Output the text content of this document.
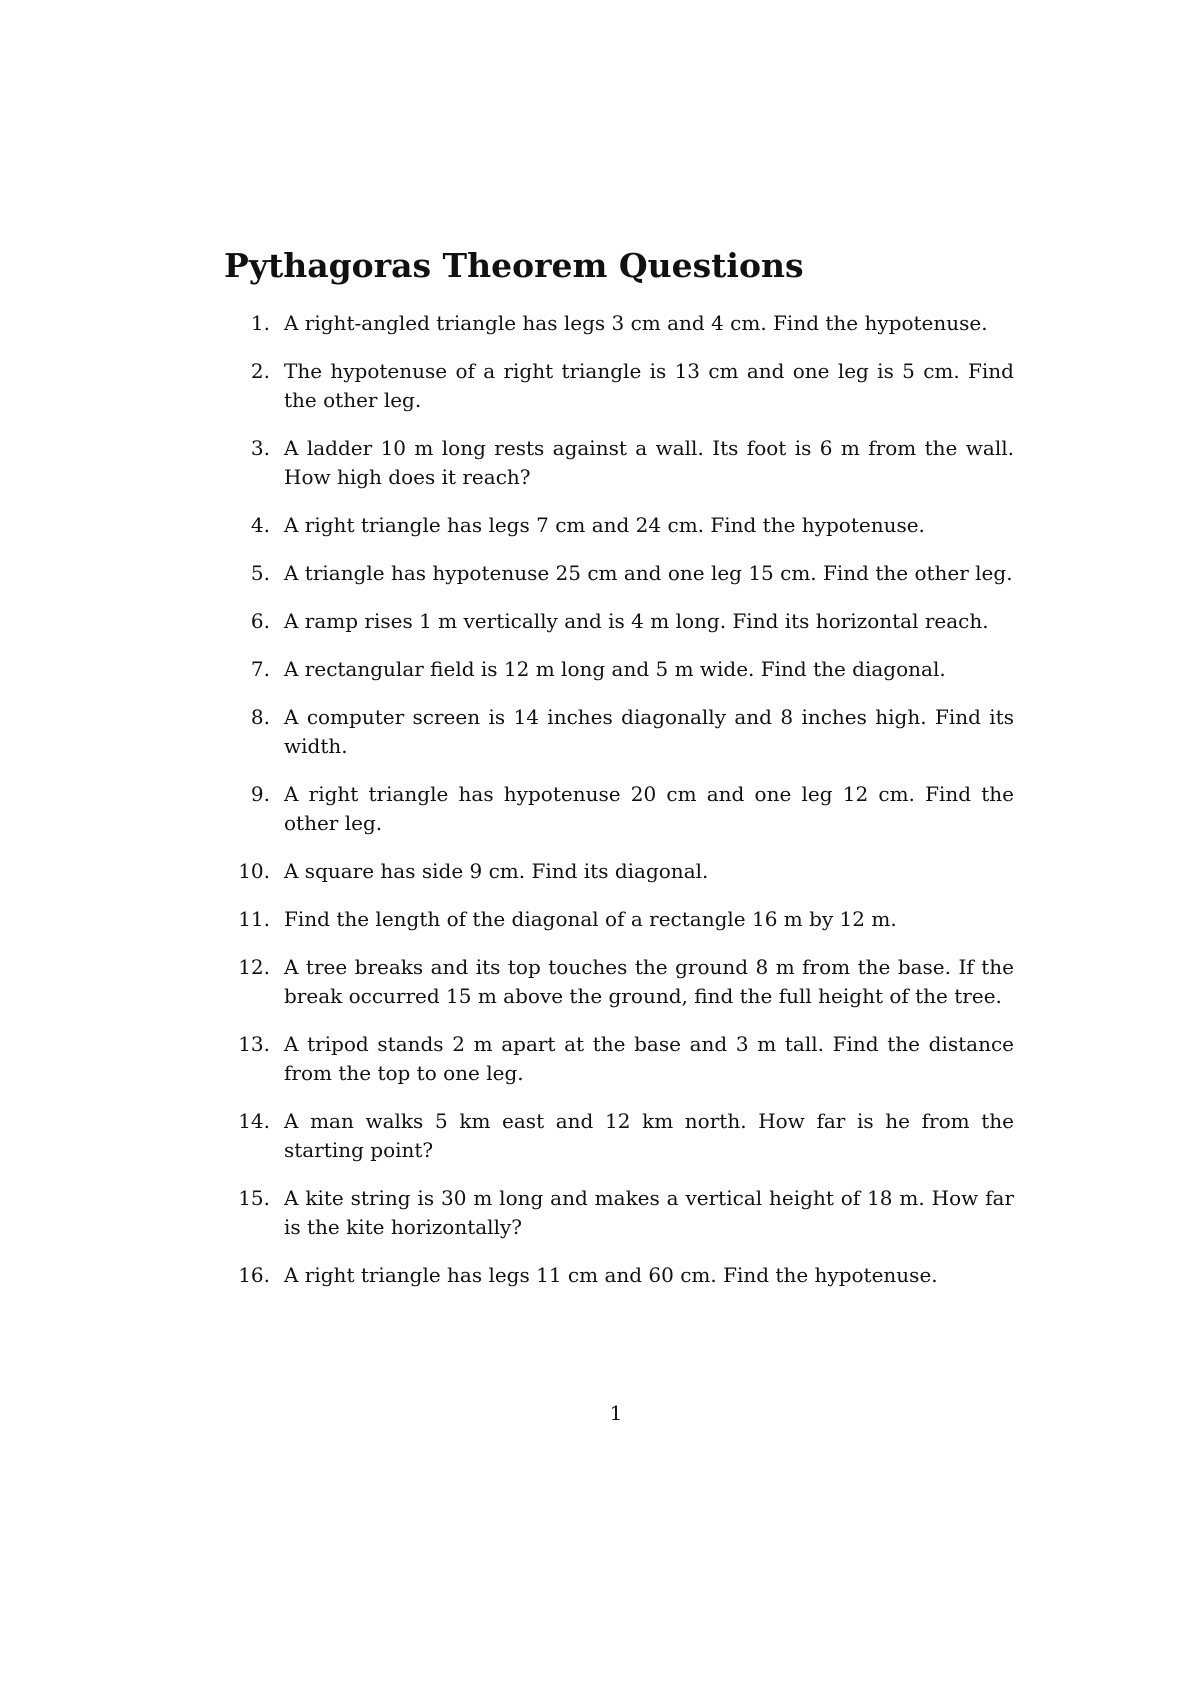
Pythagoras Theorem Questions
1. A right-angled triangle has legs 3 cm and 4 cm. Find the hypotenuse.
2. The hypotenuse of a right triangle is 13 cm and one leg is 5 cm. Find the other leg.
3. A ladder 10 m long rests against a wall. Its foot is 6 m from the wall. How high does it reach?
4. A right triangle has legs 7 cm and 24 cm. Find the hypotenuse.
5. A triangle has hypotenuse 25 cm and one leg 15 cm. Find the other leg.
6. A ramp rises 1 m vertically and is 4 m long. Find its horizontal reach.
7. A rectangular field is 12 m long and 5 m wide. Find the diagonal.
8. A computer screen is 14 inches diagonally and 8 inches high. Find its width.
9. A right triangle has hypotenuse 20 cm and one leg 12 cm. Find the other leg.
10. A square has side 9 cm. Find its diagonal.
11. Find the length of the diagonal of a rectangle 16 m by 12 m.
12. A tree breaks and its top touches the ground 8 m from the base. If the break occurred 15 m above the ground, find the full height of the tree.
13. A tripod stands 2 m apart at the base and 3 m tall. Find the distance from the top to one leg.
14. A man walks 5 km east and 12 km north. How far is he from the starting point?
15. A kite string is 30 m long and makes a vertical height of 18 m. How far is the kite horizontally?
16. A right triangle has legs 11 cm and 60 cm. Find the hypotenuse.
1
